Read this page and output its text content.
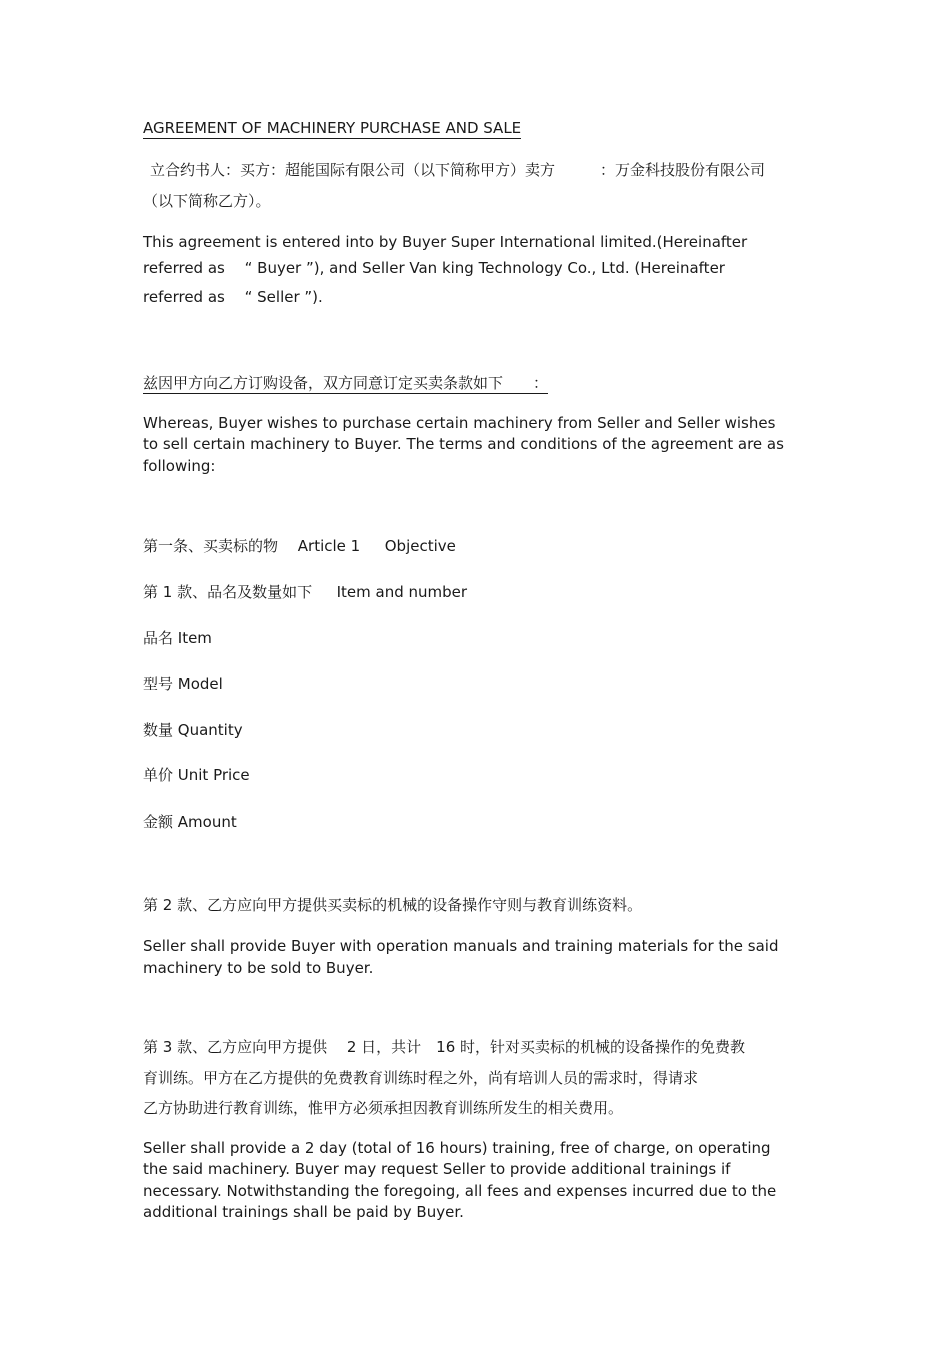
AGREEMENT OF MACHINERY PURCHASE AND SALE

立合约书人：买方：超能国际有限公司（以下简称甲方）卖方　　　：万金科技股份有限公司

（以下简称乙方）。

This agreement is entered into by Buyer Super International limited.(Hereinafter

referred as 　“ Buyer ”), and Seller Van king Technology Co., Ltd. (Hereinafter

referred as 　“ Seller ”).

兹因甲方向乙方订购设备，双方同意订定买卖条款如下　　：

Whereas, Buyer wishes to purchase certain machinery from Seller and Seller wishes

to sell certain machinery to Buyer. The terms and conditions of the agreement are as

following:

第一条、买卖标的物　 Article 1 　 Objective

第 1 款、品名及数量如下 　 Item and number

品名 Item

型号 Model

数量 Quantity

单价 Unit Price

金额 Amount

第 2 款、乙方应向甲方提供买卖标的机械的设备操作守则与教育训练资料。

Seller shall provide Buyer with operation manuals and training materials for the said

machinery to be sold to Buyer.

第 3 款、乙方应向甲方提供　 2 日，共计　16 时，针对买卖标的机械的设备操作的免费教

育训练。甲方在乙方提供的免费教育训练时程之外，尚有培训人员的需求时，得请求

乙方协助进行教育训练，惟甲方必须承担因教育训练所发生的相关费用。

Seller shall provide a 2 day (total of 16 hours) training, free of charge, on operating

the said machinery. Buyer may request Seller to provide additional trainings if

necessary. Notwithstanding the foregoing, all fees and expenses incurred due to the

additional trainings shall be paid by Buyer.
